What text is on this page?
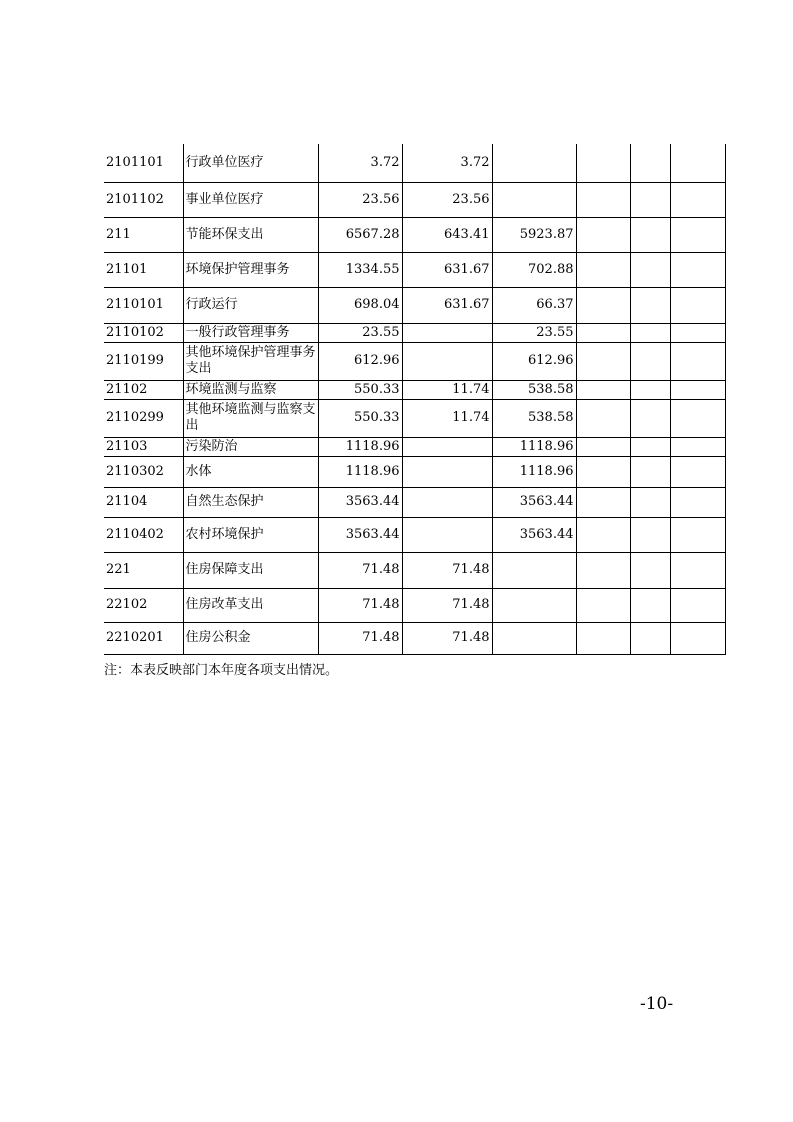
2101101	行政单位医疗	3.72	3.72				
2101102	事业单位医疗	23.56	23.56				
211	节能环保支出	6567.28	643.41	5923.87			
21101	环境保护管理事务	1334.55	631.67	702.88			
2110101	行政运行	698.04	631.67	66.37			
2110102	一般行政管理事务	23.55		23.55			
2110199	其他环境保护管理事务支出	612.96		612.96			
21102	环境监测与监察	550.33	11.74	538.58			
2110299	其他环境监测与监察支出	550.33	11.74	538.58			
21103	污染防治	1118.96		1118.96			
2110302	水体	1118.96		1118.96			
21104	自然生态保护	3563.44		3563.44			
2110402	农村环境保护	3563.44		3563.44			
221	住房保障支出	71.48	71.48				
22102	住房改革支出	71.48	71.48				
2210201	住房公积金	71.48	71.48				
注：本表反映部门本年度各项支出情况。
-10-
